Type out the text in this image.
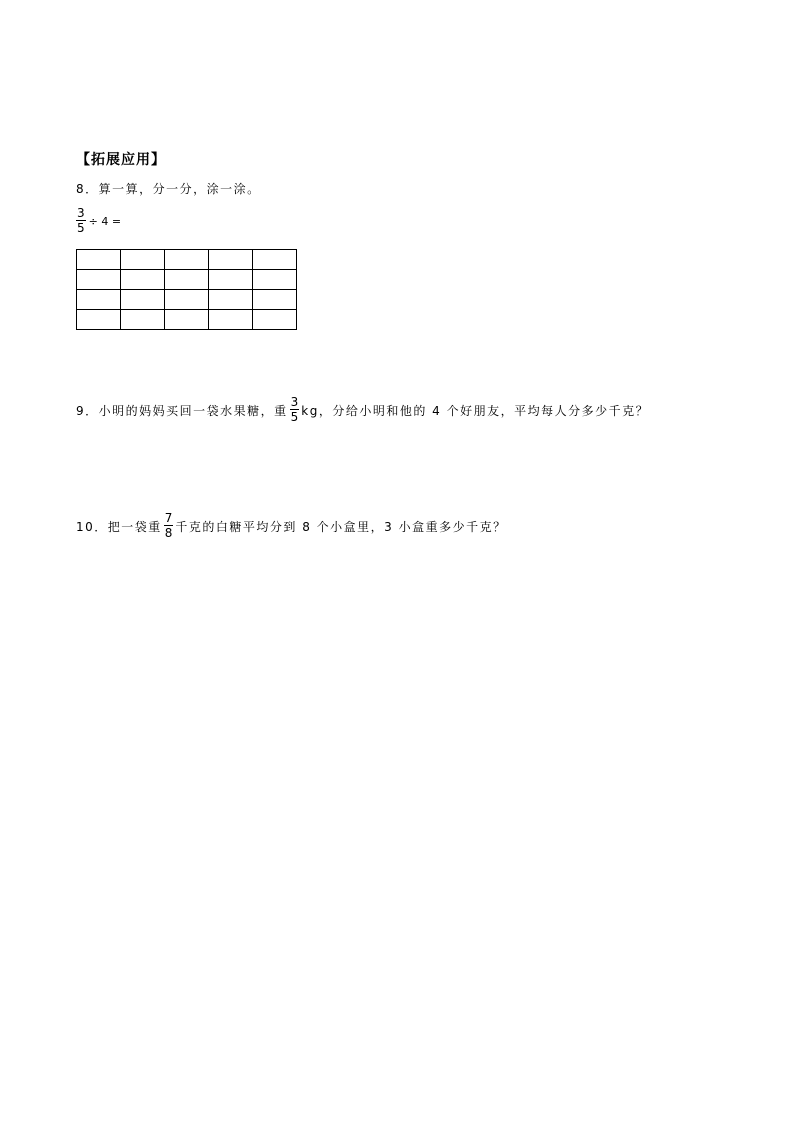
【拓展应用】
8．算一算，分一分，涂一涂。
$\frac{3}{5} \div 4$ =

9．小明的妈妈买回一袋水果糖，重 $\frac{3}{5}$ kg，分给小明和他的 4 个好朋友，平均每人分多少千克？
10．把一袋重 $\frac{7}{8}$ 千克的白糖平均分到 8 个小盒里，3 小盒重多少千克？
